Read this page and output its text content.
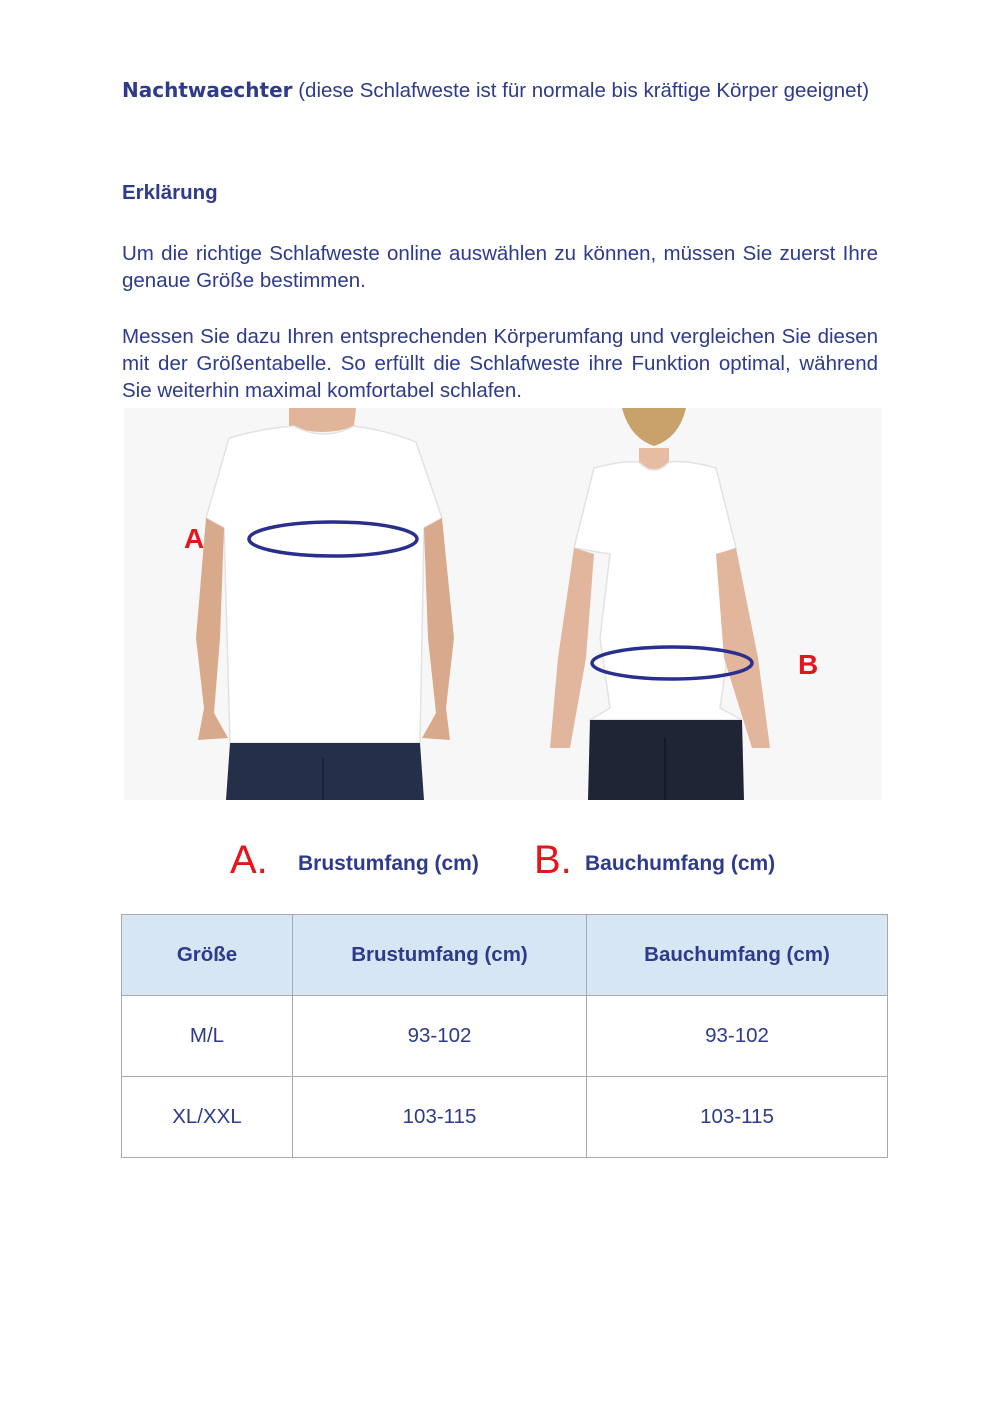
Nachtwaechter (diese Schlafweste ist für normale bis kräftige Körper geeignet)

Erklärung

Um die richtige Schlafweste online auswählen zu können, müssen Sie zuerst Ihre genaue Größe bestimmen.

Messen Sie dazu Ihren entsprechenden Körperumfang und vergleichen Sie diesen mit der Größentabelle. So erfüllt die Schlafweste ihre Funktion optimal, während Sie weiterhin maximal komfortabel schlafen.

A
B
A. Brustumfang (cm) B. Bauchumfang (cm)
Größe	Brustumfang (cm)	Bauchumfang (cm)
M/L	93-102	93-102
XL/XXL	103-115	103-115
